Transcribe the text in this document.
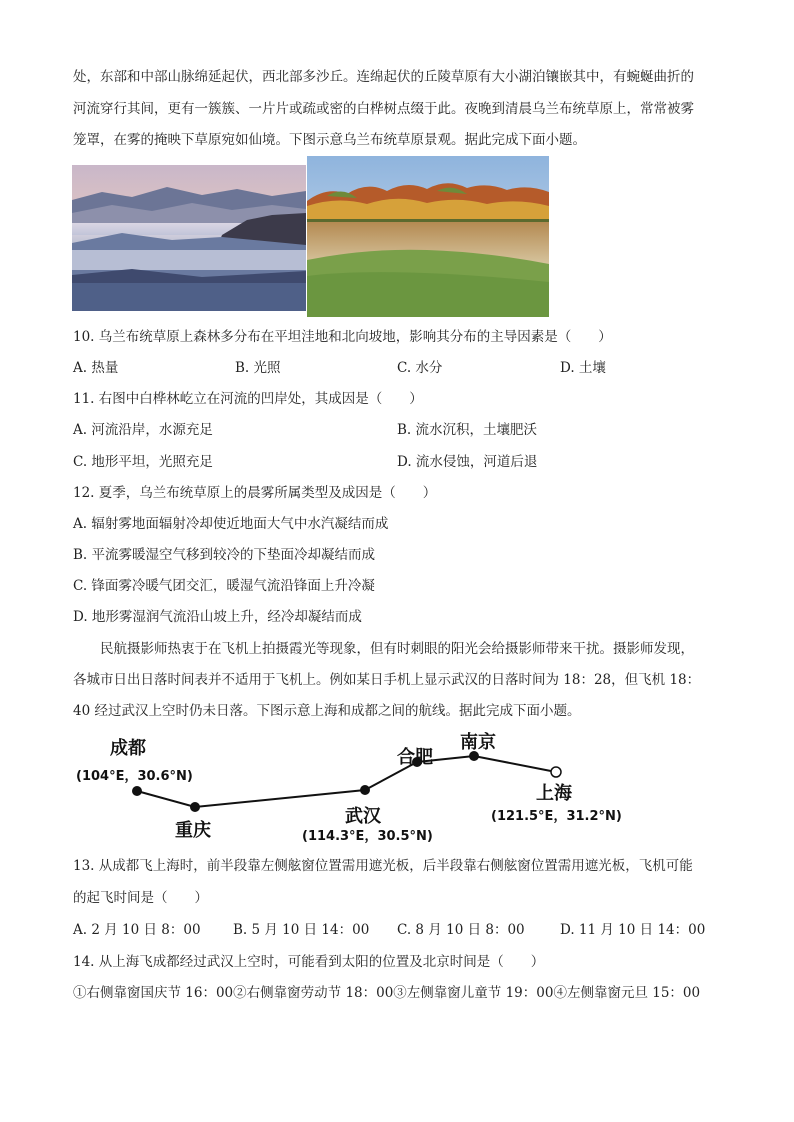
处，东部和中部山脉绵延起伏，西北部多沙丘。连绵起伏的丘陵草原有大小湖泊镶嵌其中，有蜿蜒曲折的
河流穿行其间，更有一簇簇、一片片或疏或密的白桦树点缀于此。夜晚到清晨乌兰布统草原上，常常被雾
笼罩，在雾的掩映下草原宛如仙境。下图示意乌兰布统草原景观。据此完成下面小题。
10. 乌兰布统草原上森林多分布在平坦洼地和北向坡地，影响其分布的主导因素是（　　）
A. 热量	B. 光照	C. 水分	D. 土壤
11. 右图中白桦林屹立在河流的凹岸处，其成因是（　　）
A. 河流沿岸，水源充足	B. 流水沉积，土壤肥沃
C. 地形平坦，光照充足	D. 流水侵蚀，河道后退
12. 夏季，乌兰布统草原上的晨雾所属类型及成因是（　　）
A. 辐射雾地面辐射冷却使近地面大气中水汽凝结而成
B. 平流雾暖湿空气移到较冷的下垫面冷却凝结而成
C. 锋面雾冷暖气团交汇，暖湿气流沿锋面上升冷凝
D. 地形雾湿润气流沿山坡上升，经冷却凝结而成
民航摄影师热衷于在飞机上拍摄霞光等现象，但有时刺眼的阳光会给摄影师带来干扰。摄影师发现，
各城市日出日落时间表并不适用于飞机上。例如某日手机上显示武汉的日落时间为 18：28，但飞机 18：
40 经过武汉上空时仍未日落。下图示意上海和成都之间的航线。据此完成下面小题。
成都
(104°E，30.6°N)
重庆
武汉
(114.3°E，30.5°N)
合肥
南京
上海
(121.5°E，31.2°N)
13. 从成都飞上海时，前半段靠左侧舷窗位置需用遮光板，后半段靠右侧舷窗位置需用遮光板，飞机可能
的起飞时间是（　　）
A. 2 月 10 日 8：00 B. 5 月 10 日 14：00 C. 8 月 10 日 8：00	D. 11 月 10 日 14：00
14. 从上海飞成都经过武汉上空时，可能看到太阳的位置及北京时间是（　　）
①右侧靠窗国庆节 16：00②右侧靠窗劳动节 18：00③左侧靠窗儿童节 19：00④左侧靠窗元旦 15：00
